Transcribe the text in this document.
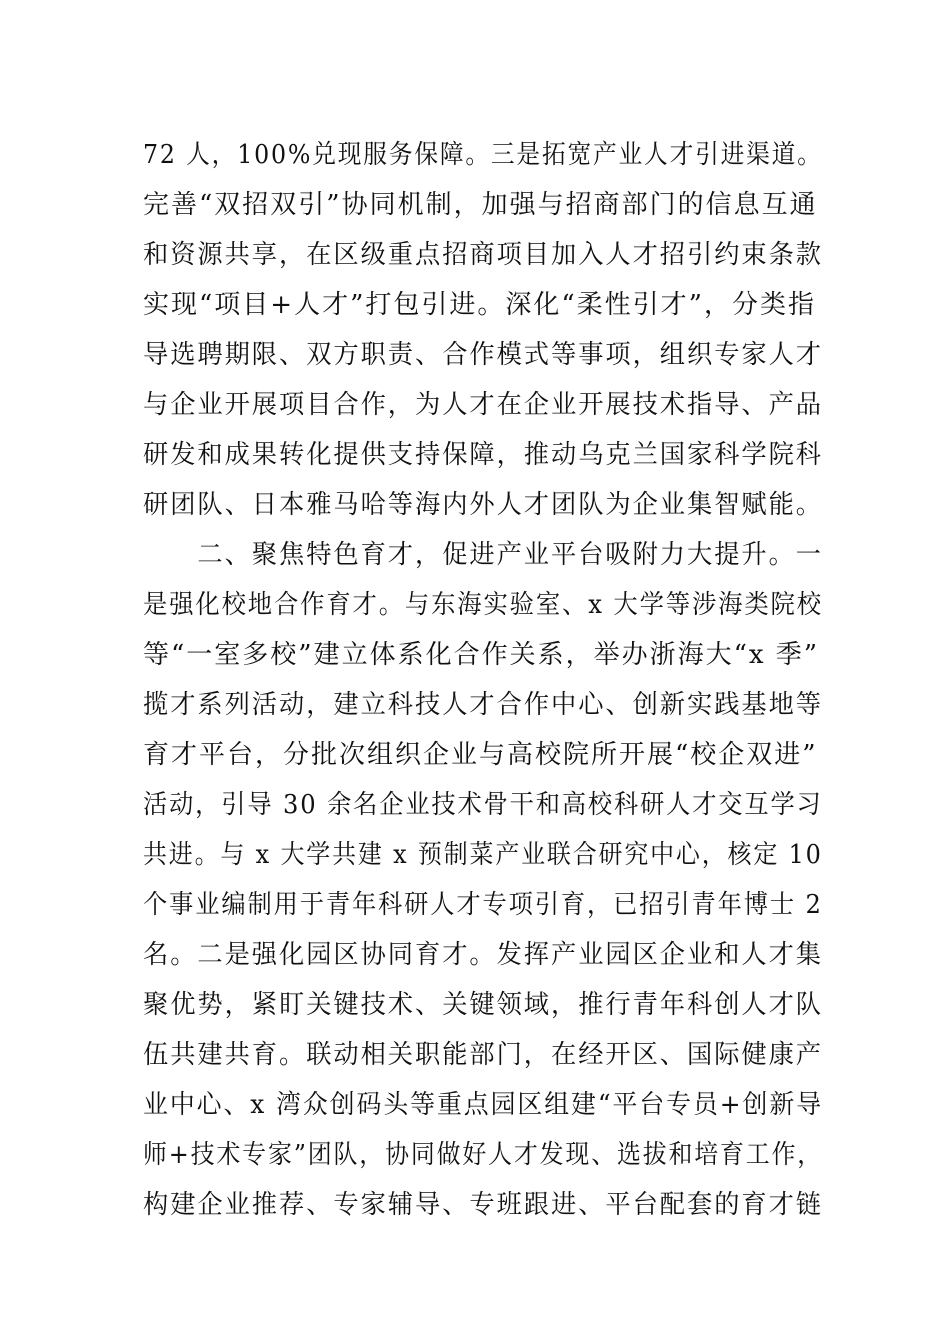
72 人，100%兑现服务保障。三是拓宽产业人才引进渠道。
完善“双招双引”协同机制，加强与招商部门的信息互通
和资源共享，在区级重点招商项目加入人才招引约束条款
实现“项目+人才”打包引进。深化“柔性引才”，分类指
导选聘期限、双方职责、合作模式等事项，组织专家人才
与企业开展项目合作，为人才在企业开展技术指导、产品
研发和成果转化提供支持保障，推动乌克兰国家科学院科
研团队、日本雅马哈等海内外人才团队为企业集智赋能。
　　二、聚焦特色育才，促进产业平台吸附力大提升。一
是强化校地合作育才。与东海实验室、x 大学等涉海类院校
等“一室多校”建立体系化合作关系，举办浙海大“x 季”
揽才系列活动，建立科技人才合作中心、创新实践基地等
育才平台，分批次组织企业与高校院所开展“校企双进”
活动，引导 30 余名企业技术骨干和高校科研人才交互学习
共进。与 x 大学共建 x 预制菜产业联合研究中心，核定 10
个事业编制用于青年科研人才专项引育，已招引青年博士 2
名。二是强化园区协同育才。发挥产业园区企业和人才集
聚优势，紧盯关键技术、关键领域，推行青年科创人才队
伍共建共育。联动相关职能部门，在经开区、国际健康产
业中心、x 湾众创码头等重点园区组建“平台专员+创新导
师+技术专家”团队，协同做好人才发现、选拔和培育工作，
构建企业推荐、专家辅导、专班跟进、平台配套的育才链
